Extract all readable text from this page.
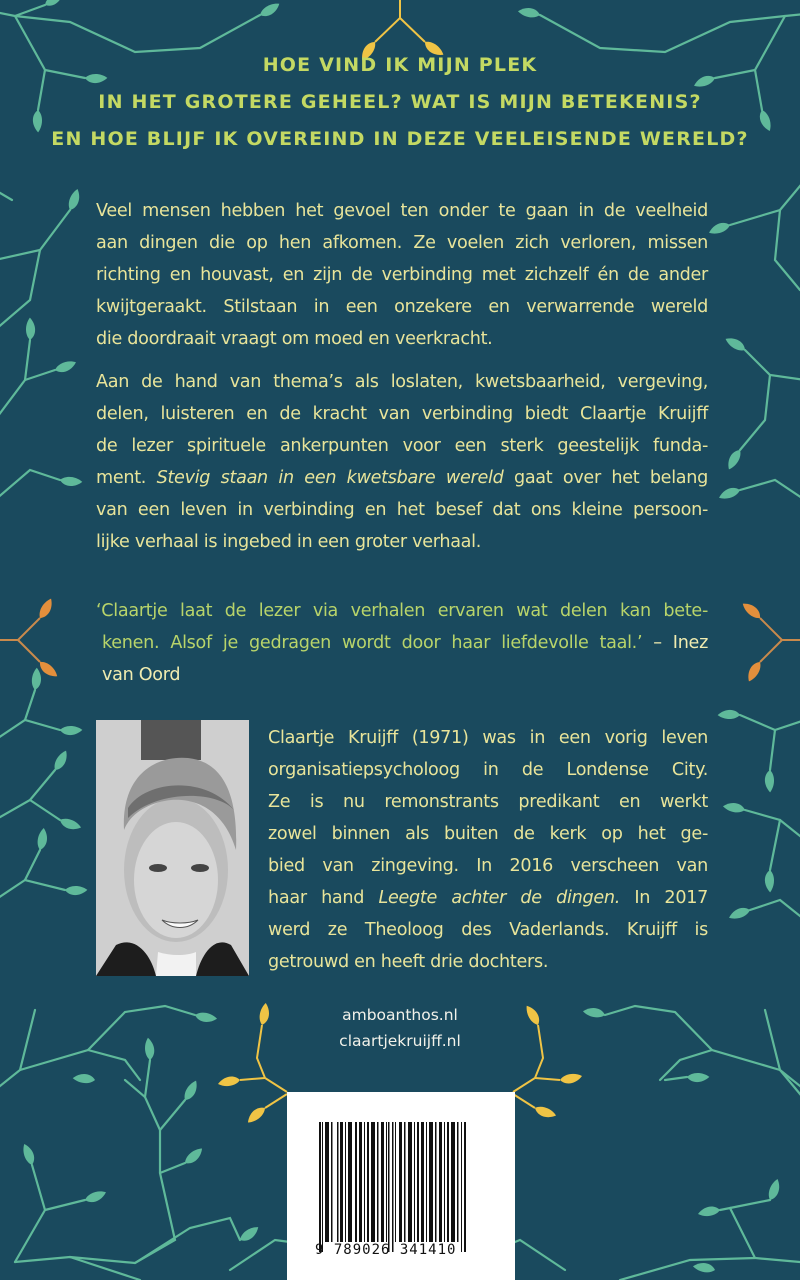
HOE VIND IK MIJN PLEK
IN HET GROTERE GEHEEL? WAT IS MIJN BETEKENIS?
EN HOE BLIJF IK OVEREIND IN DEZE VEELEISENDE WERELD?
Veel mensen hebben het gevoel ten onder te gaan in de veelheid
aan dingen die op hen afkomen. Ze voelen zich verloren, missen
richting en houvast, en zijn de verbinding met zichzelf én de ander
kwijtgeraakt. Stilstaan in een onzekere en verwarrende wereld
die doordraait vraagt om moed en veerkracht.
Aan de hand van thema’s als loslaten, kwetsbaarheid, vergeving,
delen, luisteren en de kracht van verbinding biedt Claartje Kruijff
de lezer spirituele ankerpunten voor een sterk geestelijk funda-
ment. Stevig staan in een kwetsbare wereld gaat over het belang
van een leven in verbinding en het besef dat ons kleine persoon-
lijke verhaal is ingebed in een groter verhaal.
‘Claartje laat de lezer via verhalen ervaren wat delen kan bete-
kenen. Alsof je gedragen wordt door haar liefdevolle taal.’ – Inez
van Oord
Claartje Kruijff (1971) was in een vorig leven
organisatiepsycholoog in de Londense City.
Ze is nu remonstrants predikant en werkt
zowel binnen als buiten de kerk op het ge-
bied van zingeving. In 2016 verscheen van
haar hand Leegte achter de dingen. In 2017
werd ze Theoloog des Vaderlands. Kruijff is
getrouwd en heeft drie dochters.
amboanthos.nl
claartjekruijff.nl
9 789026 341410
